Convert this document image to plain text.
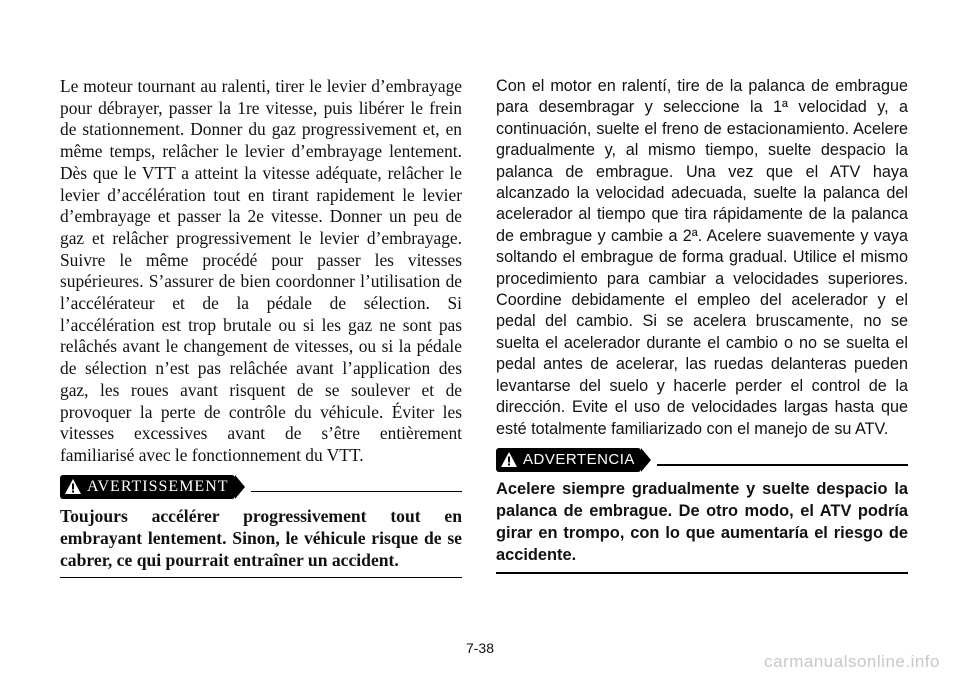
Le moteur tournant au ralenti, tirer le levier d’embrayage pour débrayer, passer la 1re vitesse, puis libérer le frein de stationnement. Donner du gaz progressivement et, en même temps, relâcher le levier d’embrayage lentement. Dès que le VTT a atteint la vitesse adéquate, relâcher le levier d’accélération tout en tirant rapidement le levier d’embrayage et passer la 2e vitesse. Donner un peu de gaz et relâcher progressivement le levier d’embrayage. Suivre le même procédé pour passer les vitesses supérieures. S’assurer de bien coordonner l’utilisation de l’accélérateur et de la pédale de sélection. Si l’accélération est trop brutale ou si les gaz ne sont pas relâchés avant le changement de vitesses, ou si la pédale de sélection n’est pas relâchée avant l’application des gaz, les roues avant risquent de se soulever et de provoquer la perte de contrôle du véhicule. Éviter les vitesses excessives avant de s’être entièrement familiarisé avec le fonctionnement du VTT.

AVERTISSEMENT

Toujours accélérer progressivement tout en embrayant lentement. Sinon, le véhicule risque de se cabrer, ce qui pourrait entraîner un accident.

Con el motor en ralentí, tire de la palanca de embrague para desembragar y seleccione la 1ª velocidad y, a continuación, suelte el freno de estacionamiento. Acelere gradualmente y, al mismo tiempo, suelte despacio la palanca de embrague. Una vez que el ATV haya alcanzado la velocidad adecuada, suelte la palanca del acelerador al tiempo que tira rápidamente de la palanca de embrague y cambie a 2ª. Acelere suavemente y vaya soltando el embrague de forma gradual. Utilice el mismo procedimiento para cambiar a velocidades superiores. Coordine debidamente el empleo del acelerador y el pedal del cambio. Si se acelera bruscamente, no se suelta el acelerador durante el cambio o no se suelta el pedal antes de acelerar, las ruedas delanteras pueden levantarse del suelo y hacerle perder el control de la dirección. Evite el uso de velocidades largas hasta que esté totalmente familiarizado con el manejo de su ATV.

ADVERTENCIA

Acelere siempre gradualmente y suelte despacio la palanca de embrague. De otro modo, el ATV podría girar en trompo, con lo que aumentaría el riesgo de accidente.

7-38
carmanualsonline.info
